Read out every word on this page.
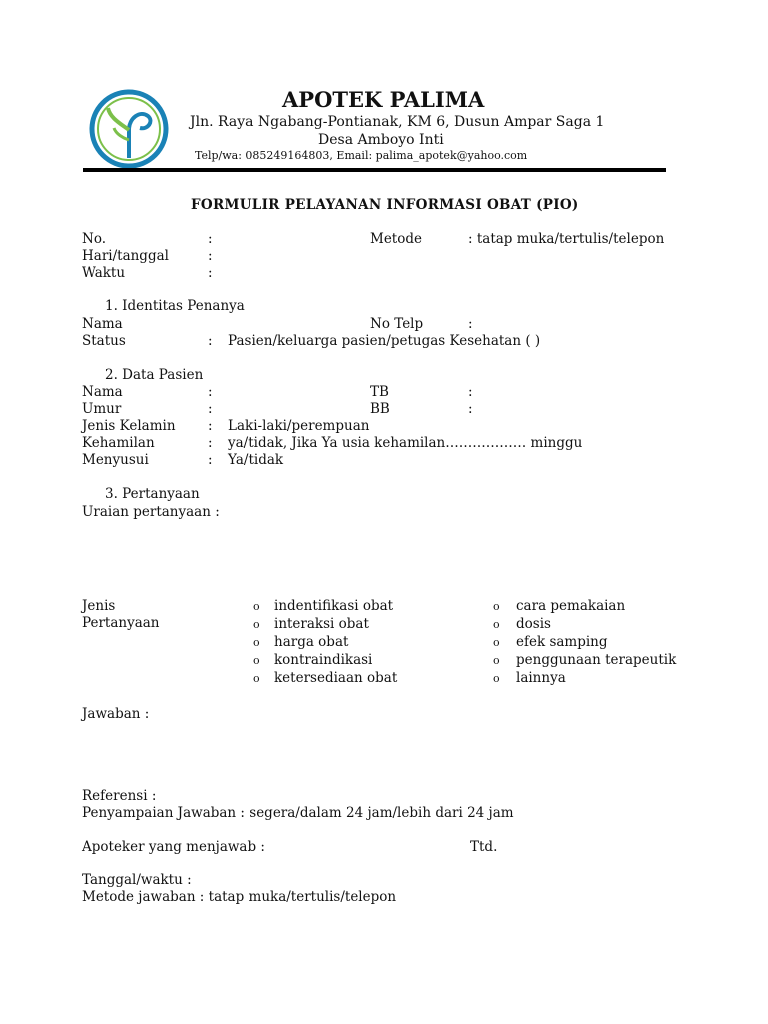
APOTEK PALIMA
Jln. Raya Ngabang-Pontianak, KM 6, Dusun Ampar Saga 1
Desa Amboyo Inti
Telp/wa: 085249164803, Email: palima_apotek@yahoo.com
FORMULIR PELAYANAN INFORMASI OBAT (PIO)
No.	:	Metode	: tatap muka/tertulis/telepon
Hari/tanggal	:
Waktu	:
1. Identitas Penanya
Nama	No Telp	:
Status	: Pasien/keluarga pasien/petugas Kesehatan ( )
2. Data Pasien
Nama	:	TB	:
Umur	:	BB	:
Jenis Kelamin : Laki-laki/perempuan
Kehamilan	: ya/tidak, Jika Ya usia kehamilan……………… minggu
Menyusui	: Ya/tidak
3. Pertanyaan
Uraian pertanyaan :
Jenis
Pertanyaan
o indentifikasi obat
o interaksi obat
o harga obat
o kontraindikasi
o ketersediaan obat
o cara pemakaian
o dosis
o efek samping
o penggunaan terapeutik
o lainnya
Jawaban :
Referensi :
Penyampaian Jawaban : segera/dalam 24 jam/lebih dari 24 jam
Apoteker yang menjawab :	Ttd.
Tanggal/waktu :
Metode jawaban : tatap muka/tertulis/telepon
